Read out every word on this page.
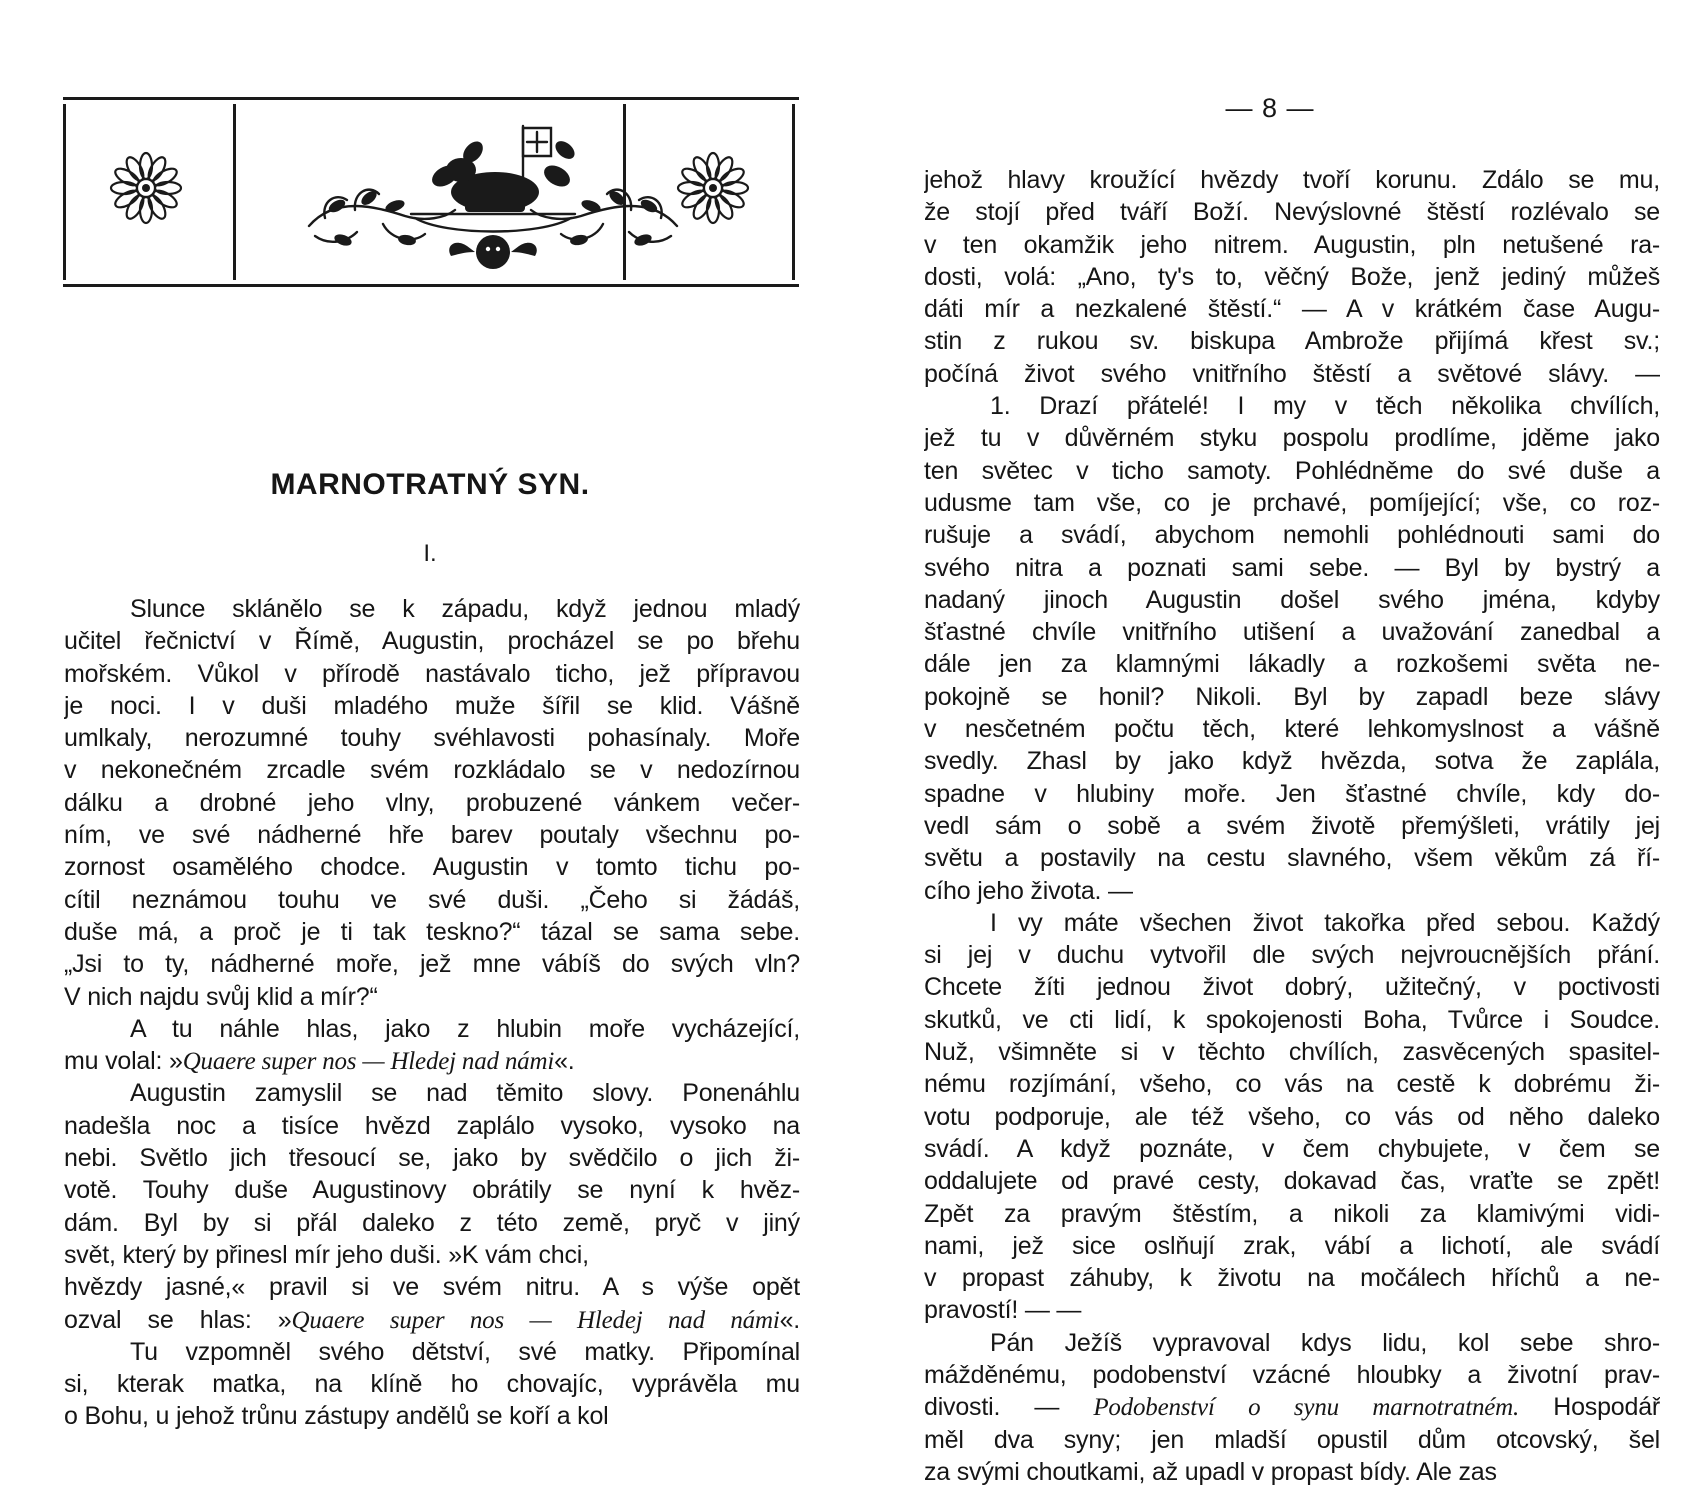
MARNOTRATNÝ SYN.

I.

Slunce sklánělo se k západu, když jednou mladý
učitel řečnictví v Římě, Augustin, procházel se po břehu
mořském. Vůkol v přírodě nastávalo ticho, jež přípravou
je noci. I v duši mladého muže šířil se klid. Vášně
umlkaly, nerozumné touhy svéhlavosti pohasínaly. Moře
v nekonečném zrcadle svém rozkládalo se v nedozírnou
dálku a drobné jeho vlny, probuzené vánkem večer-
ním, ve své nádherné hře barev poutaly všechnu po-
zornost osamělého chodce. Augustin v tomto tichu po-
cítil neznámou touhu ve své duši. „Čeho si žádáš,
duše má, a proč je ti tak teskno?“ tázal se sama sebe.
„Jsi to ty, nádherné moře, jež mne vábíš do svých vln?
V nich najdu svůj klid a mír?“
A tu náhle hlas, jako z hlubin moře vycházející,
mu volal: »Quaere super nos — Hledej nad námi«.
Augustin zamyslil se nad těmito slovy. Ponenáhlu
nadešla noc a tisíce hvězd zaplálo vysoko, vysoko na
nebi. Světlo jich třesoucí se, jako by svědčilo o jich ži-
votě. Touhy duše Augustinovy obrátily se nyní k hvěz-
dám. Byl by si přál daleko z této země, pryč v jiný
svět, který by přinesl mír jeho duši. »K vám chci,
hvězdy jasné,« pravil si ve svém nitru. A s výše opět
ozval se hlas: »Quaere super nos — Hledej nad námi«.
Tu vzpomněl svého dětství, své matky. Připomínal
si, kterak matka, na klíně ho chovajíc, vyprávěla mu
o Bohu, u jehož trůnu zástupy andělů se koří a kol

— 8 —

jehož hlavy kroužící hvězdy tvoří korunu. Zdálo se mu,
že stojí před tváří Boží. Nevýslovné štěstí rozlévalo se
v ten okamžik jeho nitrem. Augustin, pln netušené ra-
dosti, volá: „Ano, ty's to, věčný Bože, jenž jediný můžeš
dáti mír a nezkalené štěstí.“ — A v krátkém čase Augu-
stin z rukou sv. biskupa Ambrože přijímá křest sv.;
počíná život svého vnitřního štěstí a světové slávy. —
1. Drazí přátelé! I my v těch několika chvílích,
jež tu v důvěrném styku pospolu prodlíme, jděme jako
ten světec v ticho samoty. Pohlédněme do své duše a
udusme tam vše, co je prchavé, pomíjející; vše, co roz-
rušuje a svádí, abychom nemohli pohlédnouti sami do
svého nitra a poznati sami sebe. — Byl by bystrý a
nadaný jinoch Augustin došel svého jména, kdyby
šťastné chvíle vnitřního utišení a uvažování zanedbal a
dále jen za klamnými lákadly a rozkošemi světa ne-
pokojně se honil? Nikoli. Byl by zapadl beze slávy
v nesčetném počtu těch, které lehkomyslnost a vášně
svedly. Zhasl by jako když hvězda, sotva že zaplála,
spadne v hlubiny moře. Jen šťastné chvíle, kdy do-
vedl sám o sobě a svém životě přemýšleti, vrátily jej
světu a postavily na cestu slavného, všem věkům zá ří-
cího jeho života. —
I vy máte všechen život takořka před sebou. Každý
si jej v duchu vytvořil dle svých nejvroucnějších přání.
Chcete žíti jednou život dobrý, užitečný, v poctivosti
skutků, ve cti lidí, k spokojenosti Boha, Tvůrce i Soudce.
Nuž, všimněte si v těchto chvílích, zasvěcených spasitel-
nému rozjímání, všeho, co vás na cestě k dobrému ži-
votu podporuje, ale též všeho, co vás od něho daleko
svádí. A když poznáte, v čem chybujete, v čem se
oddalujete od pravé cesty, dokavad čas, vraťte se zpět!
Zpět za pravým štěstím, a nikoli za klamivými vidi-
nami, jež sice oslňují zrak, vábí a lichotí, ale svádí
v propast záhuby, k životu na močálech hříchů a ne-
pravostí! — —
Pán Ježíš vypravoval kdys lidu, kol sebe shro-
mážděnému, podobenství vzácné hloubky a životní prav-
divosti. — Podobenství o synu marnotratném. Hospodář
měl dva syny; jen mladší opustil dům otcovský, šel
za svými choutkami, až upadl v propast bídy. Ale zas
